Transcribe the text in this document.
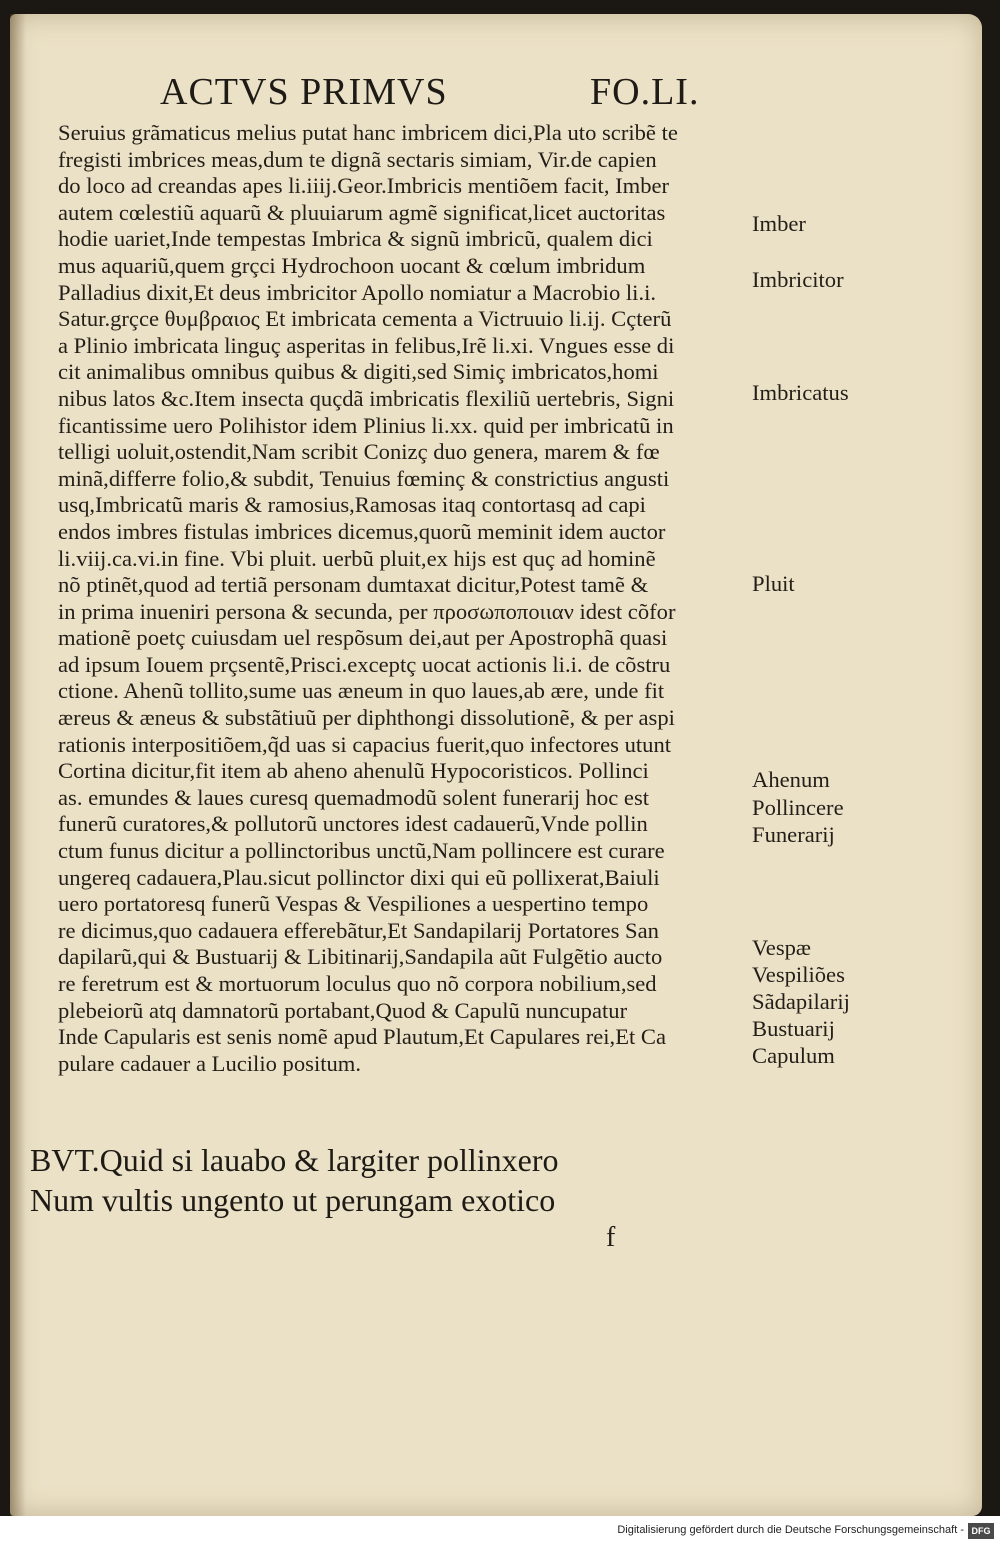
ACTVS PRIMVS	FO.LI.
Seruius grãmaticus melius putat hanc imbricem dici,Pla uto scribẽ te
fregisti imbrices meas,dum te dignã sectaris simiam, Vir.de capien
do loco ad creandas apes li.iiij.Geor.Imbricis mentiõem facit, Imber
autem cœlestiũ aquarũ & pluuiarum agmẽ significat,licet auctoritas
hodie uariet,Inde tempestas Imbrica & signũ imbricũ, qualem dici
mus aquariũ,quem grçci Hydrochoon uocant & cœlum imbridum
Palladius dixit,Et deus imbricitor Apollo nomiatur a Macrobio li.i.
Satur.grçce θυμβραιος Et imbricata cementa a Victruuio li.ij. Cçterũ
a Plinio imbricata linguç asperitas in felibus,Irẽ li.xi. Vngues esse di
cit animalibus omnibus quibus & digiti,sed Simiç imbricatos,homi
nibus latos &c.Item insecta quçdã imbricatis flexiliũ uertebris, Signi
ficantissime uero Polihistor idem Plinius li.xx. quid per imbricatũ in
telligi uoluit,ostendit,Nam scribit Conizç duo genera, marem & fœ
minã,differre folio,& subdit, Tenuius fœminç & constrictius angusti
usq,Imbricatũ maris & ramosius,Ramosas itaq contortasq ad capi
endos imbres fistulas imbrices dicemus,quorũ meminit idem auctor
li.viij.ca.vi.in fine. Vbi pluit. uerbũ pluit,ex hijs est quç ad hominẽ
nõ ptinẽt,quod ad tertiã personam dumtaxat dicitur,Potest tamẽ &
in prima inueniri persona & secunda, per προσωποποιιαν idest cõfor
mationẽ poetç cuiusdam uel respõsum dei,aut per Apostrophã quasi
ad ipsum Iouem prçsentẽ,Prisci.exceptç uocat actionis li.i. de cõstru
ctione. Ahenũ tollito,sume uas æneum in quo laues,ab ære, unde fit
æreus & æneus & substãtiuũ per diphthongi dissolutionẽ, & per aspi
rationis interpositiõem,q̃d uas si capacius fuerit,quo infectores utunt
Cortina dicitur,fit item ab aheno ahenulũ Hypocoristicos. Pollinci
as. emundes & laues curesq quemadmodũ solent funerarij hoc est
funerũ curatores,& pollutorũ unctores idest cadauerũ,Vnde pollin
ctum funus dicitur a pollinctoribus unctũ,Nam pollincere est curare
ungereq cadauera,Plau.sicut pollinctor dixi qui eũ pollixerat,Baiuli
uero portatoresq funerũ Vespas & Vespiliones a uespertino tempo
re dicimus,quo cadauera efferebãtur,Et Sandapilarij Portatores San
dapilarũ,qui & Bustuarij & Libitinarij,Sandapila aũt Fulgẽtio aucto
re feretrum est & mortuorum loculus quo nõ corpora nobilium,sed
plebeiorũ atq damnatorũ portabant,Quod & Capulũ nuncupatur
Inde Capularis est senis nomẽ apud Plautum,Et Capulares rei,Et Ca
pulare cadauer a Lucilio positum.
Imber
Imbricitor
Imbricatus
Pluit
Ahenum
Pollincere
Funerarij
Vespæ
Vespiliões
Sãdapilarij
Bustuarij
Capulum
BVT.Quid si lauabo & largiter pollinxero
Num vultis ungento ut perungam exotico
f
Digitalisierung gefördert durch die Deutsche Forschungsgemeinschaft - DFG
